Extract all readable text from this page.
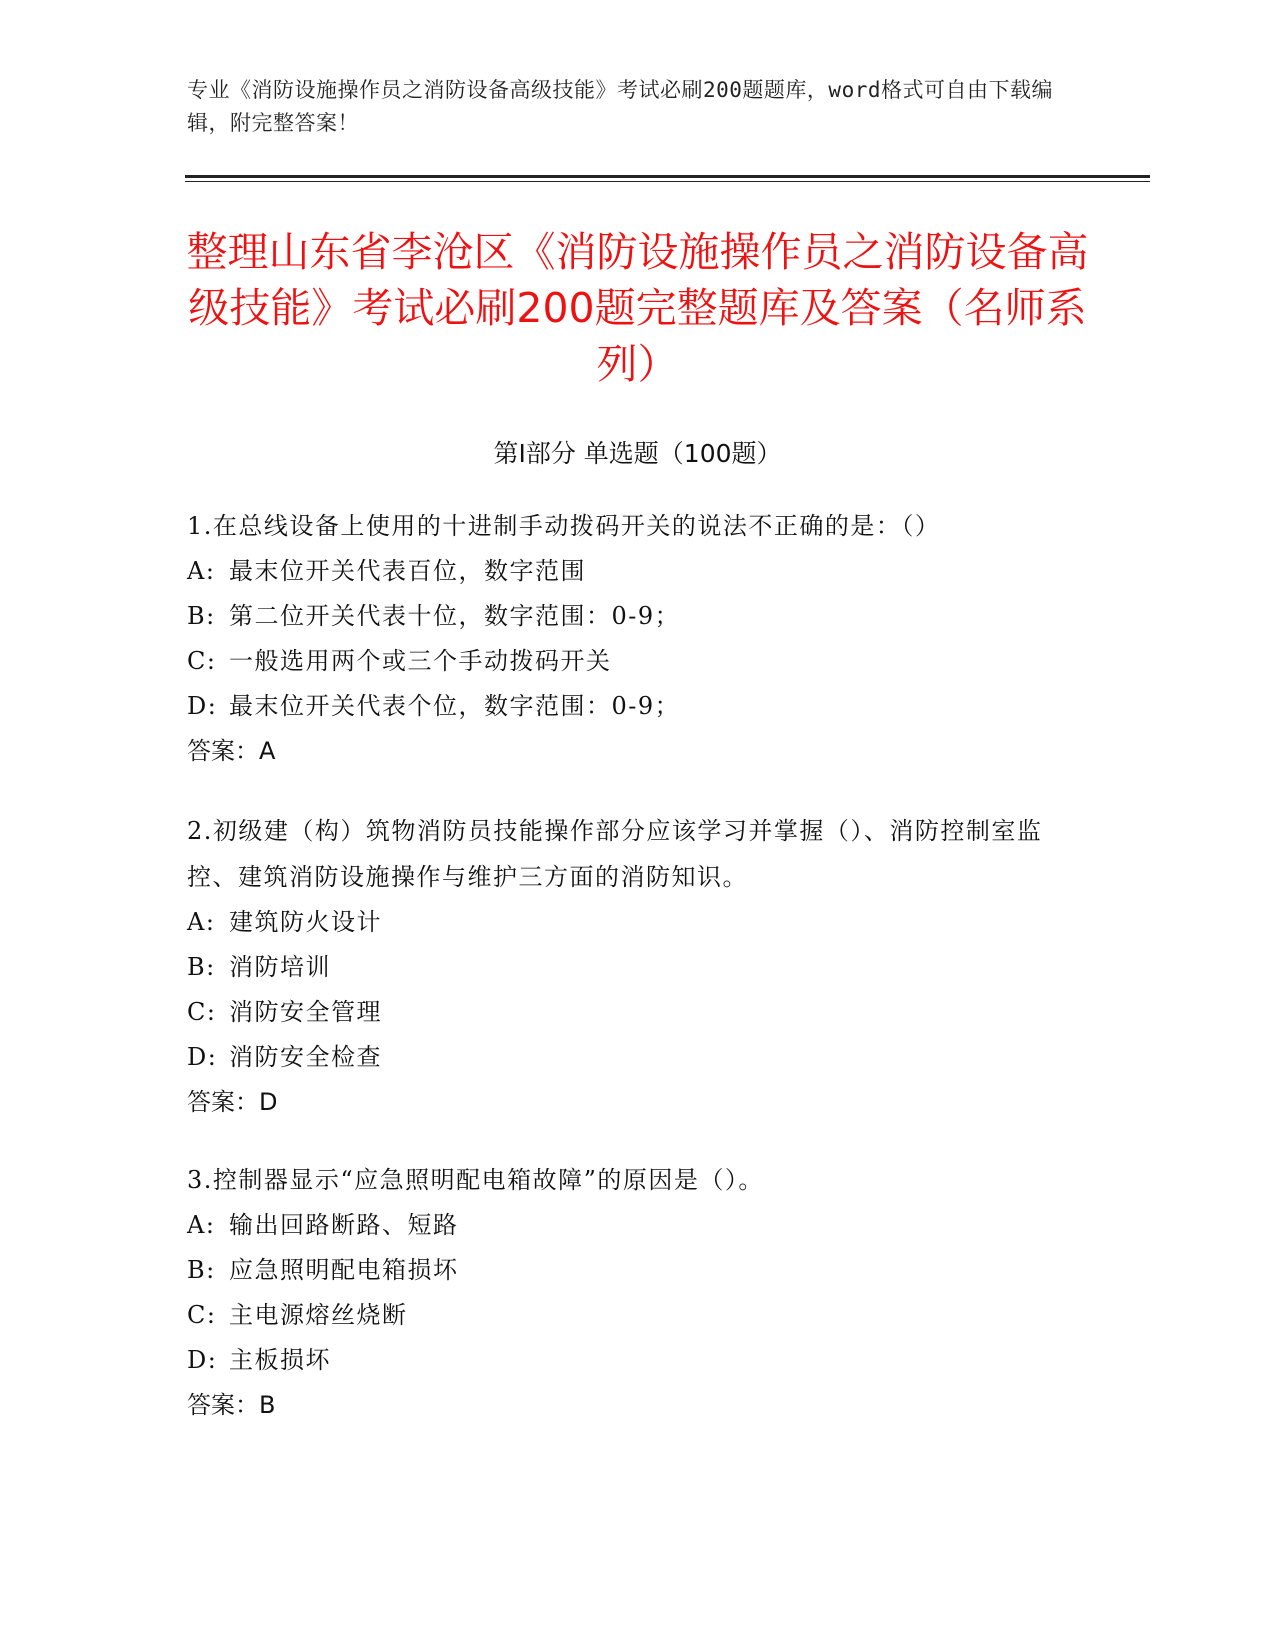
专业《消防设施操作员之消防设备高级技能》考试必刷200题题库，word格式可自由下载编辑，附完整答案！
整理山东省李沧区《消防设施操作员之消防设备高级技能》考试必刷200题完整题库及答案（名师系列）
第Ⅰ部分 单选题（100题）

1.在总线设备上使用的十进制手动拨码开关的说法不正确的是：（）

A: 最末位开关代表百位，数字范围

B: 第二位开关代表十位，数字范围：0-9；

C: 一般选用两个或三个手动拨码开关

D: 最末位开关代表个位，数字范围：0-9；

答案：A

2.初级建（构）筑物消防员技能操作部分应该学习并掌握（）、消防控制室监控、建筑消防设施操作与维护三方面的消防知识。

A: 建筑防火设计

B: 消防培训

C: 消防安全管理

D: 消防安全检查

答案：D

3.控制器显示“应急照明配电箱故障”的原因是（）。

A: 输出回路断路、短路

B: 应急照明配电箱损坏

C: 主电源熔丝烧断

D: 主板损坏

答案：B
